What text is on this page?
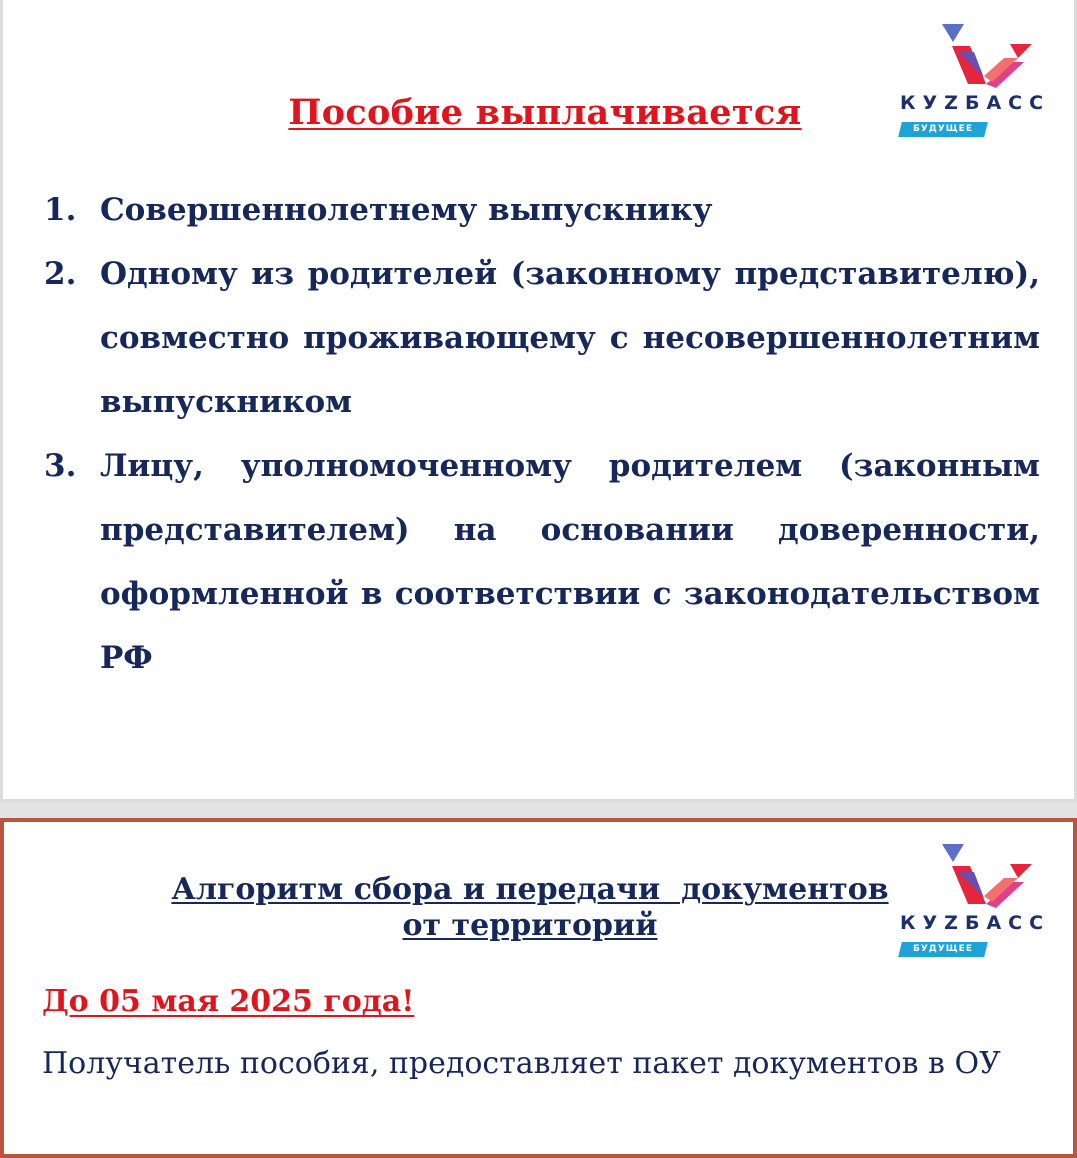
КУZБАСС
БУДУЩЕЕ
Пособие выплачивается
1. Совершеннолетнему выпускнику
2. Одному из родителей (законному представителю), совместно проживающему с несовершеннолетним выпускником
3. Лицу, уполномоченному родителем (законным представителем) на основании доверенности, оформленной в соответствии с законодательством РФ
КУZБАСС
БУДУЩЕЕ
Алгоритм сбора и передачи  документов
от территорий
До 05 мая 2025 года!
Получатель пособия, предоставляет пакет документов в ОУ
